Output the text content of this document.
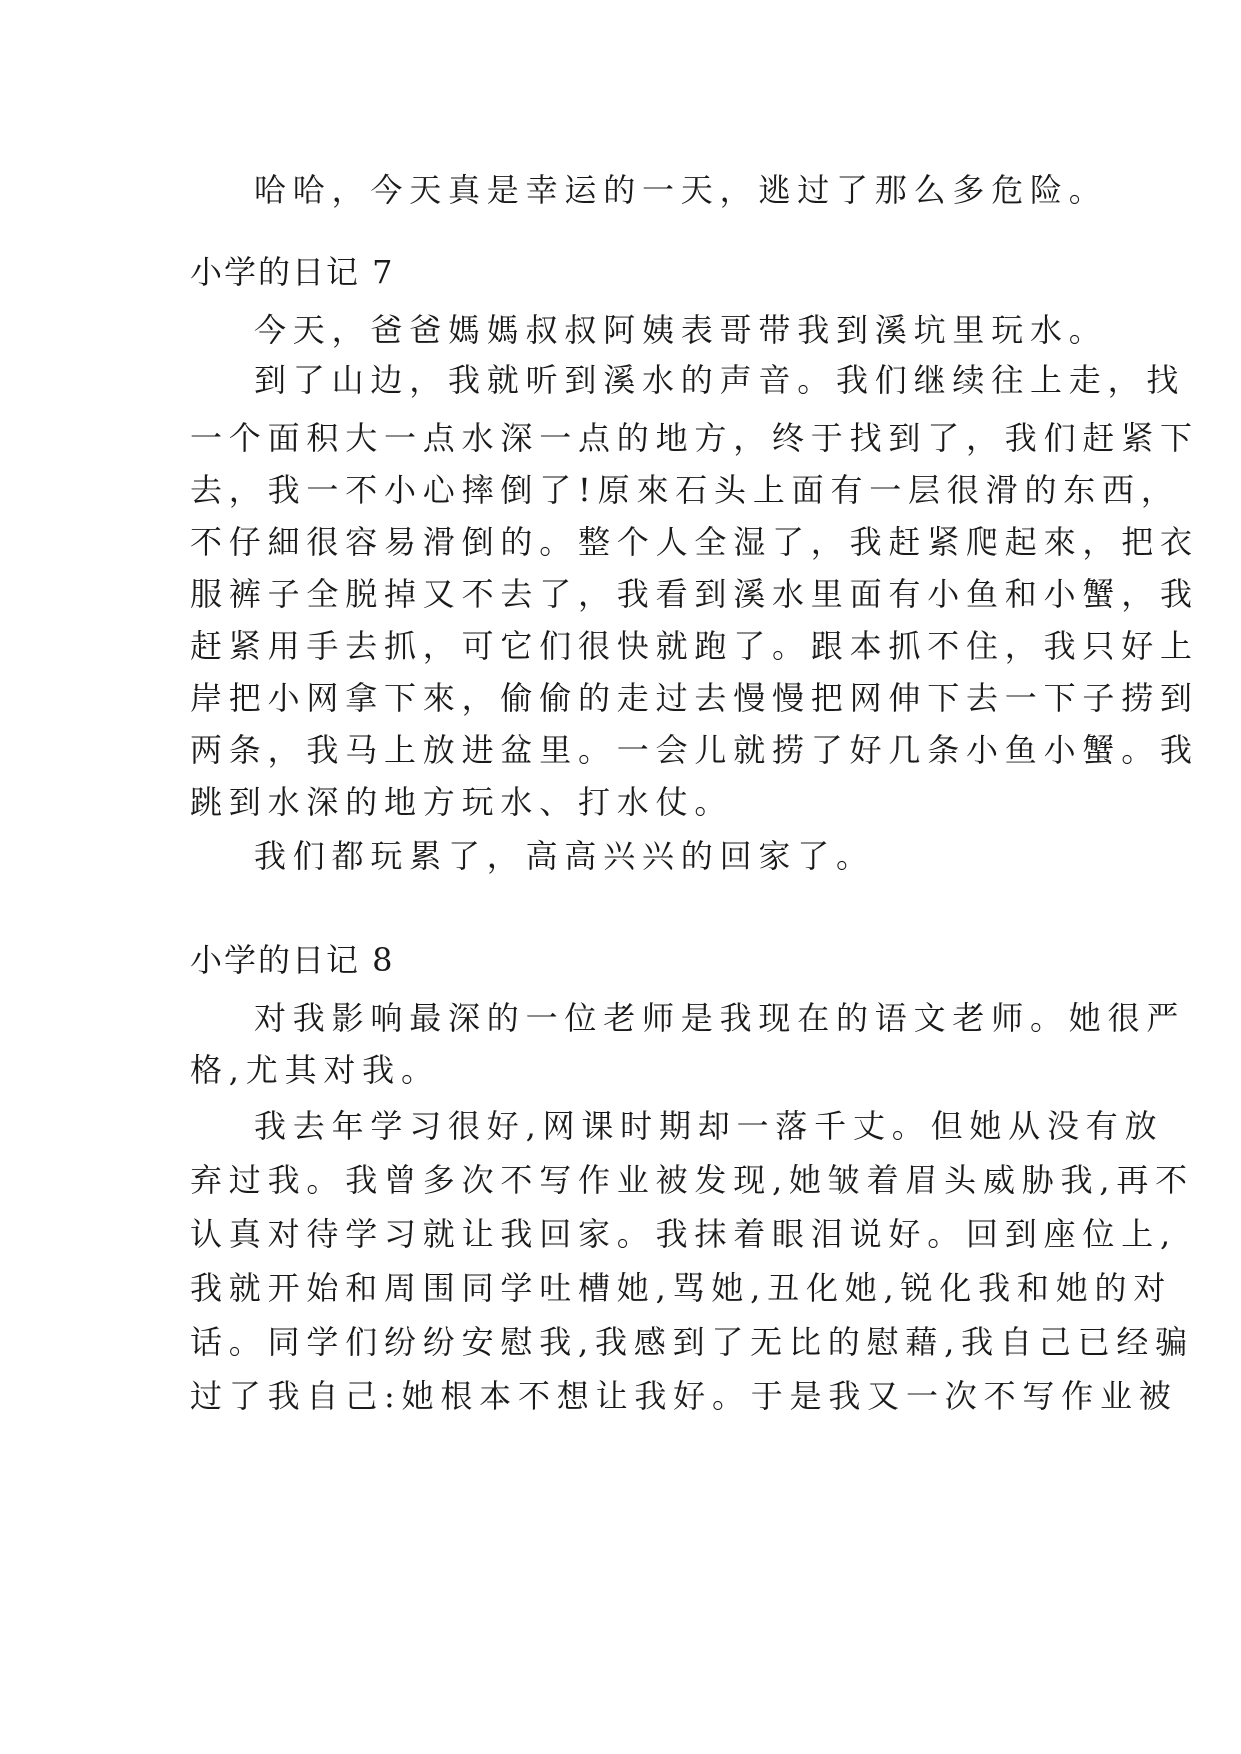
哈哈，今天真是幸运的一天，逃过了那么多危险。
小学的日记 7
今天，爸爸媽媽叔叔阿姨表哥带我到溪坑里玩水。
到了山边，我就听到溪水的声音。我们继续往上走，找
一个面积大一点水深一点的地方，终于找到了，我们赶紧下
去，我一不小心摔倒了!原來石头上面有一层很滑的东西，
不仔細很容易滑倒的。整个人全湿了，我赶紧爬起來，把衣
服裤子全脱掉又不去了，我看到溪水里面有小鱼和小蟹，我
赶紧用手去抓，可它们很快就跑了。跟本抓不住，我只好上
岸把小网拿下來，偷偷的走过去慢慢把网伸下去一下子捞到
两条，我马上放进盆里。一会儿就捞了好几条小鱼小蟹。我
跳到水深的地方玩水、打水仗。
我们都玩累了，高高兴兴的回家了。
小学的日记 8
对我影响最深的一位老师是我现在的语文老师。她很严
格,尤其对我。
我去年学习很好,网课时期却一落千丈。但她从没有放
弃过我。我曾多次不写作业被发现,她皱着眉头威胁我,再不
认真对待学习就让我回家。我抹着眼泪说好。回到座位上,
我就开始和周围同学吐槽她,骂她,丑化她,锐化我和她的对
话。同学们纷纷安慰我,我感到了无比的慰藉,我自己已经骗
过了我自己:她根本不想让我好。于是我又一次不写作业被
